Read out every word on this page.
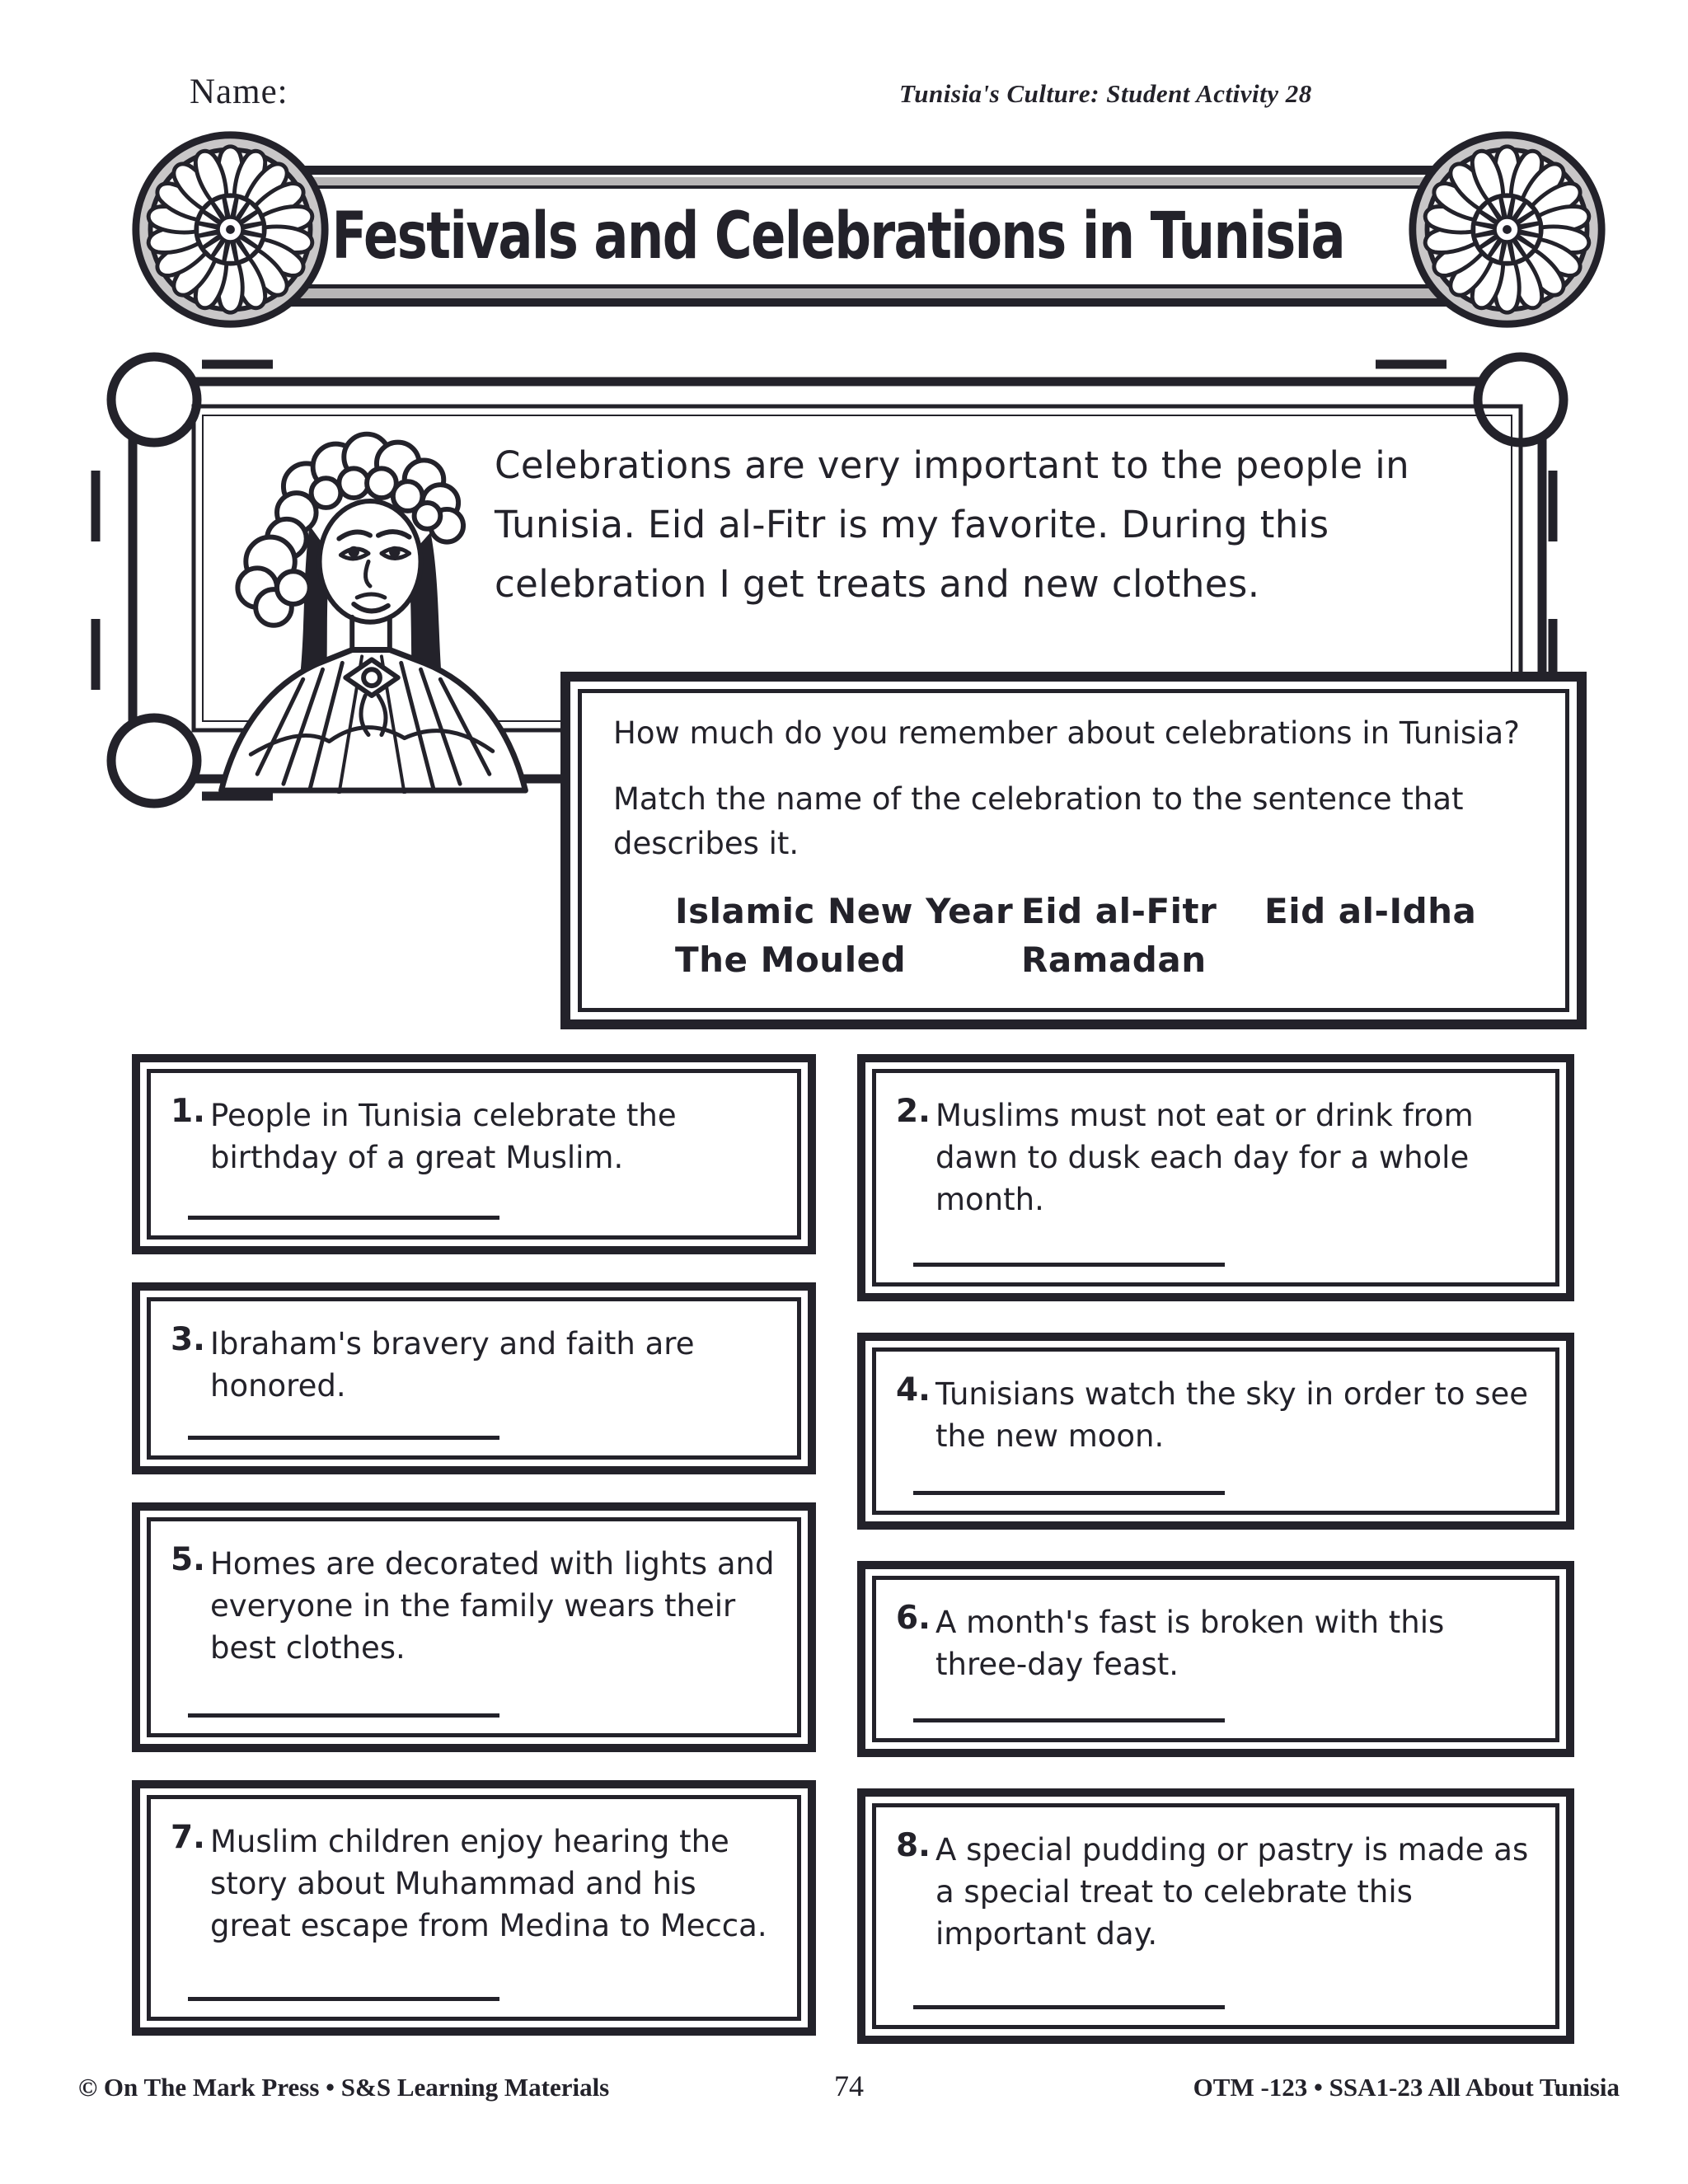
Name:	Tunisia's Culture: Student Activity 28
Festivals and Celebrations in Tunisia
Celebrations are very important to the people in Tunisia. Eid al-Fitr is my favorite. During this celebration I get treats and new clothes.
How much do you remember about celebrations in Tunisia?
Match the name of the celebration to the sentence that describes it.
Islamic New Year Eid al-Fitr	Eid al-Idha
The Mouled	Ramadan
1. People in Tunisia celebrate the birthday of a great Muslim.
3. Ibraham's bravery and faith are honored.
5. Homes are decorated with lights and everyone in the family wears their best clothes.
7. Muslim children enjoy hearing the story about Muhammad and his great escape from Medina to Mecca.
2. Muslims must not eat or drink from dawn to dusk each day for a whole month.
4. Tunisians watch the sky in order to see the new moon.
6. A month's fast is broken with this three-day feast.
8. A special pudding or pastry is made as a special treat to celebrate this important day.
© On The Mark Press • S&S Learning Materials	74	OTM -123 • SSA1-23 All About Tunisia
